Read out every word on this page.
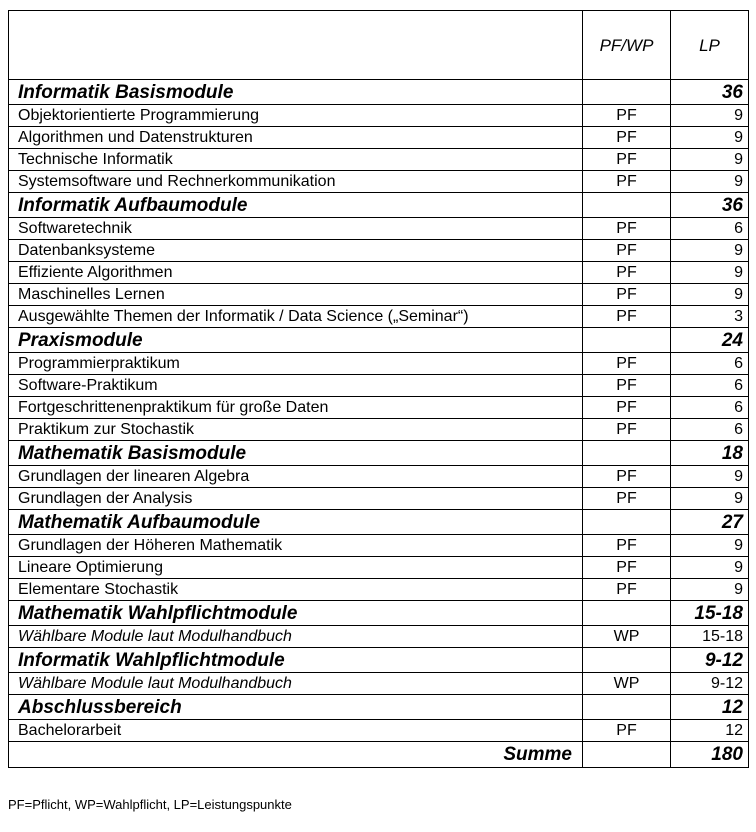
	PF/WP	LP
Informatik Basismodule		36
Objektorientierte Programmierung	PF	9
Algorithmen und Datenstrukturen	PF	9
Technische Informatik	PF	9
Systemsoftware und Rechnerkommunikation	PF	9
Informatik Aufbaumodule		36
Softwaretechnik	PF	6
Datenbanksysteme	PF	9
Effiziente Algorithmen	PF	9
Maschinelles Lernen	PF	9
Ausgewählte Themen der Informatik / Data Science („Seminar“)	PF	3
Praxismodule		24
Programmierpraktikum	PF	6
Software-Praktikum	PF	6
Fortgeschrittenenpraktikum für große Daten	PF	6
Praktikum zur Stochastik	PF	6
Mathematik Basismodule		18
Grundlagen der linearen Algebra	PF	9
Grundlagen der Analysis	PF	9
Mathematik Aufbaumodule		27
Grundlagen der Höheren Mathematik	PF	9
Lineare Optimierung	PF	9
Elementare Stochastik	PF	9
Mathematik Wahlpflichtmodule		15-18
Wählbare Module laut Modulhandbuch	WP	15-18
Informatik Wahlpflichtmodule		9-12
Wählbare Module laut Modulhandbuch	WP	9-12
Abschlussbereich		12
Bachelorarbeit	PF	12
Summe		180
PF=Pflicht, WP=Wahlpflicht, LP=Leistungspunkte
